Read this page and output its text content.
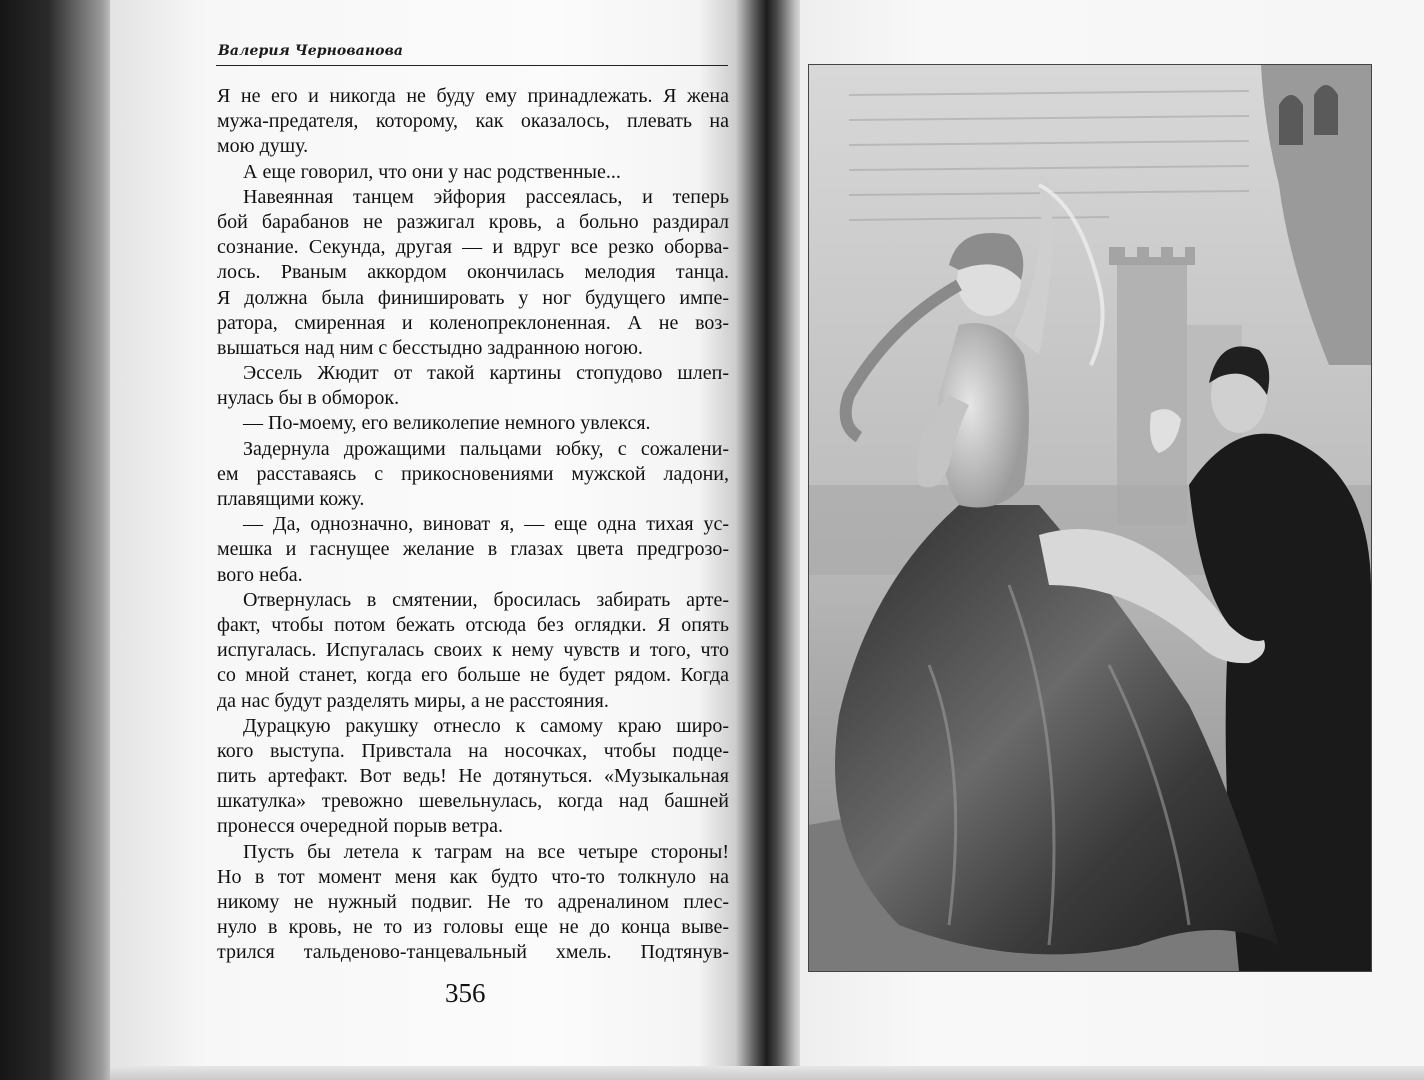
Валерия Чернованова
Я не его и никогда не буду ему принадлежать. Я жена
мужа-предателя, которому, как оказалось, плевать на
мою душу.
А еще говорил, что они у нас родственные...
Навеянная танцем эйфория рассеялась, и теперь
бой барабанов не разжигал кровь, а больно раздирал
сознание. Секунда, другая — и вдруг все резко оборва-
лось. Рваным аккордом окончилась мелодия танца.
Я должна была финишировать у ног будущего импе-
ратора, смиренная и коленопреклоненная. А не воз-
вышаться над ним с бесстыдно задранною ногою.
Эссель Жюдит от такой картины стопудово шлеп-
нулась бы в обморок.
— По-моему, его великолепие немного увлекся.
Задернула дрожащими пальцами юбку, с сожалени-
ем расставаясь с прикосновениями мужской ладони,
плавящими кожу.
— Да, однозначно, виноват я, — еще одна тихая ус-
мешка и гаснущее желание в глазах цвета предгрозо-
вого неба.
Отвернулась в смятении, бросилась забирать арте-
факт, чтобы потом бежать отсюда без оглядки. Я опять
испугалась. Испугалась своих к нему чувств и того, что
со мной станет, когда его больше не будет рядом. Когда
да нас будут разделять миры, а не расстояния.
Дурацкую ракушку отнесло к самому краю широ-
кого выступа. Привстала на носочках, чтобы подце-
пить артефакт. Вот ведь! Не дотянуться. «Музыкальная
шкатулка» тревожно шевельнулась, когда над башней
пронесся очередной порыв ветра.
Пусть бы летела к таграм на все четыре стороны!
Но в тот момент меня как будто что-то толкнуло на
никому не нужный подвиг. Не то адреналином плес-
нуло в кровь, не то из головы еще не до конца выве-
трился тальденово-танцевальный хмель. Подтянув-
356
